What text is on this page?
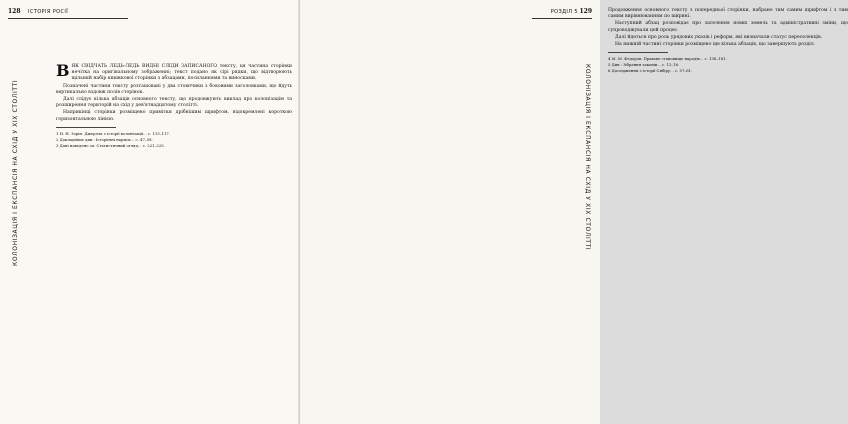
128 ІСТОРІЯ РОСІЇ
КОЛОНІЗАЦІЯ І ЕКСПАНСІЯ НА СХІД У XIX СТОЛІТТІ

ВЯК СВІДЧАТЬ ЛЕДЬ-ЛЕДЬ ВИДНІ СЛІДИ ЗАПИСАНОГО тексту, ця частина сторінки нечітка на оригінальному зображенні; текст подано як сірі рядки, що відтворюють щільний набір книжкової сторінки з абзацами, посиланнями та виносками.

Позначені частини тексту розташовані у два стовпчики з боковими заголовками, що йдуть вертикально вздовж полів сторінок.

Далі слідує кілька абзаців основного тексту, що продовжують виклад про колонізацію та розширення територій на схід у дев'ятнадцятому столітті.

Наприкінці сторінки розміщено примітки дрібнішим шрифтом, відокремлені короткою горизонтальною лінією.

1 Н. Н. Зорін. Джерела з історії колонізації... с. 113–117.

2 Докладніше див.: Історичні нариси... с. 47–58.

3 Дані наведено за: Статистичний огляд... с. 221–225.

РОЗДІЛ 5 129	Продовження основного тексту з попередньої сторінки, набране тим самим шрифтом і з тим самим вирівнюванням по ширині.

Наступний абзац розповідає про заселення нових земель та адміністративні зміни, що супроводжували цей процес.

Далі йдеться про роль урядових указів і реформ, які визначали статус переселенців.

На нижній частині сторінки розміщено ще кілька абзаців, що завершують розділ.

4 М. М. Федоров. Правове становище народів... с. 136–181.

5 Див.: Зібрання законів... с. 13–16.

6 Дослідження з історії Сибіру... с. 57–61.

КОЛОНІЗАЦІЯ І ЕКСПАНСІЯ НА СХІД У XIX СТОЛІТТІ
